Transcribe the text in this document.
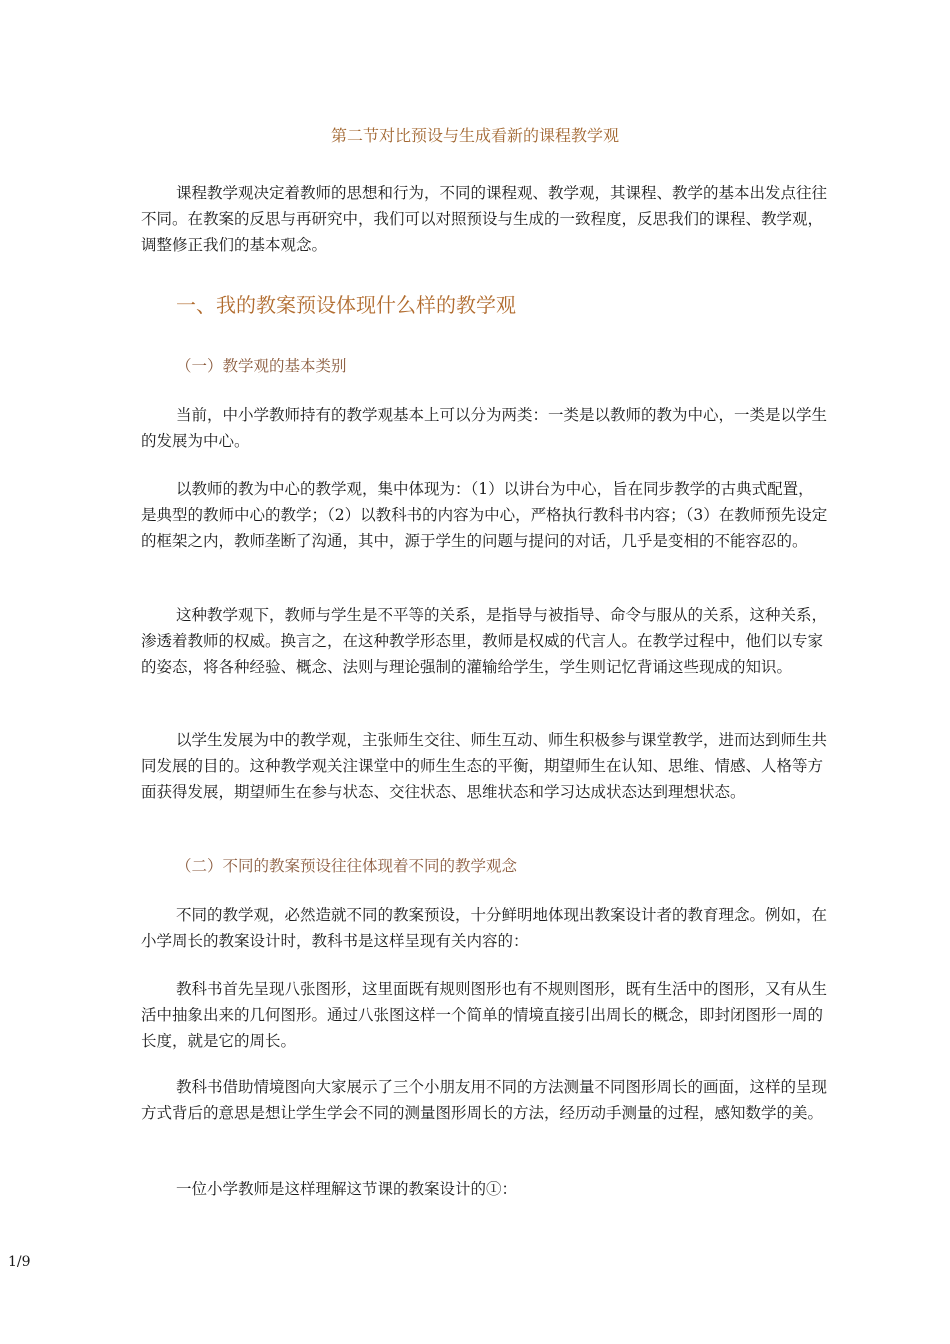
第二节对比预设与生成看新的课程教学观

课程教学观决定着教师的思想和行为，不同的课程观、教学观，其课程、教学的基本出发点往往不同。在教案的反思与再研究中，我们可以对照预设与生成的一致程度，反思我们的课程、教学观，调整修正我们的基本观念。

一、我的教案预设体现什么样的教学观
（一）教学观的基本类别

当前，中小学教师持有的教学观基本上可以分为两类：一类是以教师的教为中心，一类是以学生的发展为中心。

以教师的教为中心的教学观，集中体现为：（1）以讲台为中心，旨在同步教学的古典式配置，是典型的教师中心的教学；（2）以教科书的内容为中心，严格执行教科书内容；（3）在教师预先设定的框架之内，教师垄断了沟通，其中，源于学生的问题与提问的对话，几乎是变相的不能容忍的。

这种教学观下，教师与学生是不平等的关系，是指导与被指导、命令与服从的关系，这种关系，渗透着教师的权威。换言之，在这种教学形态里，教师是权威的代言人。在教学过程中，他们以专家的姿态，将各种经验、概念、法则与理论强制的灌输给学生，学生则记忆背诵这些现成的知识。

以学生发展为中的教学观，主张师生交往、师生互动、师生积极参与课堂教学，进而达到师生共同发展的目的。这种教学观关注课堂中的师生生态的平衡，期望师生在认知、思维、情感、人格等方面获得发展，期望师生在参与状态、交往状态、思维状态和学习达成状态达到理想状态。

（二）不同的教案预设往往体现着不同的教学观念

不同的教学观，必然造就不同的教案预设，十分鲜明地体现出教案设计者的教育理念。例如，在小学周长的教案设计时，教科书是这样呈现有关内容的：

教科书首先呈现八张图形，这里面既有规则图形也有不规则图形，既有生活中的图形，又有从生活中抽象出来的几何图形。通过八张图这样一个简单的情境直接引出周长的概念，即封闭图形一周的长度，就是它的周长。

教科书借助情境图向大家展示了三个小朋友用不同的方法测量不同图形周长的画面，这样的呈现方式背后的意思是想让学生学会不同的测量图形周长的方法，经历动手测量的过程，感知数学的美。

一位小学教师是这样理解这节课的教案设计的①：

1/9
